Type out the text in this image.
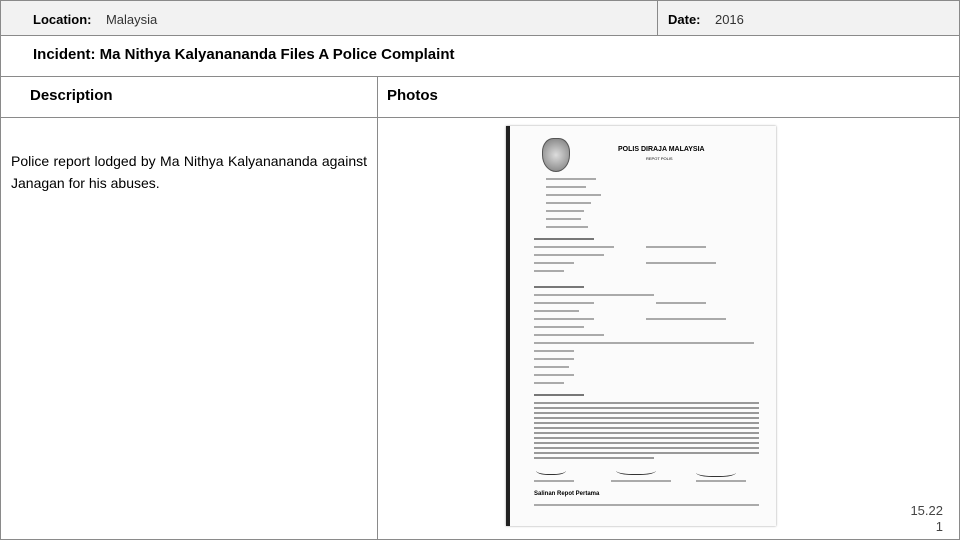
Location: Malaysia	Date: 2016
Incident: Ma Nithya Kalyanananda Files A Police Complaint
Description	Photos
Police report lodged by Ma Nithya Kalyanananda against Janagan for his abuses.
POLIS DIRAJA MALAYSIA
REPOT POLIS
Salinan Repot Pertama
15.22
1
